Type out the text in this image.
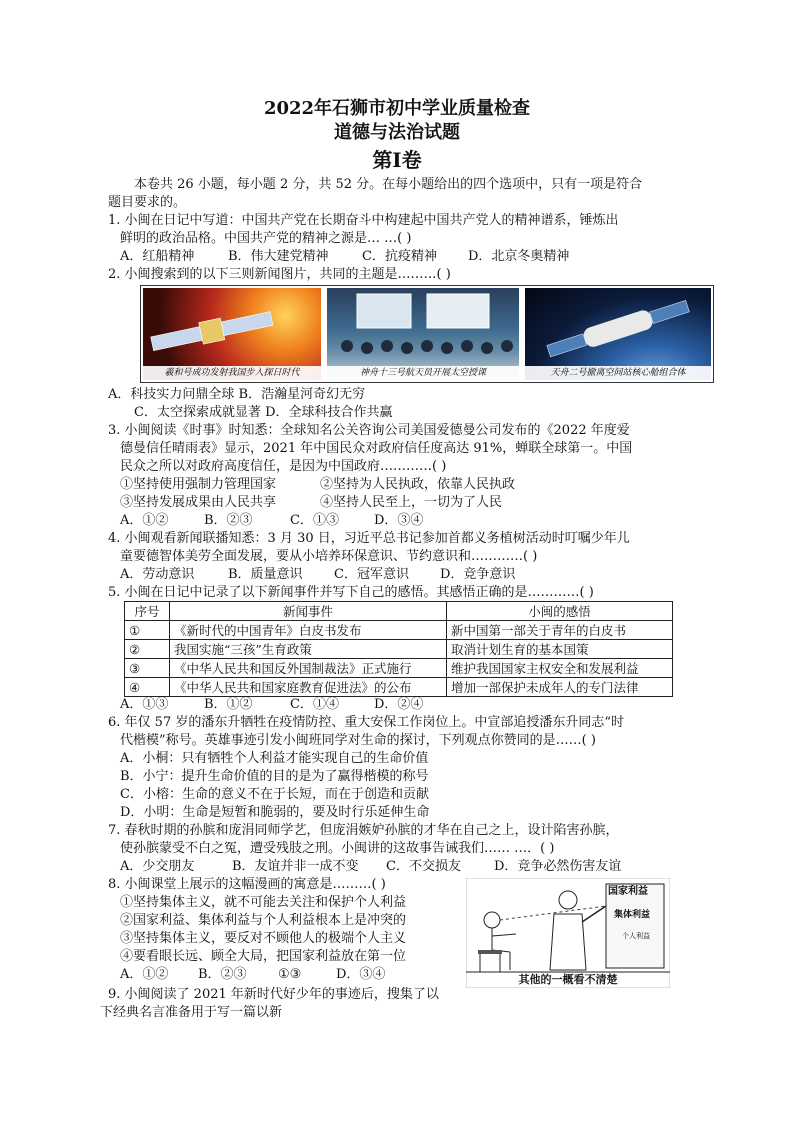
2022年石狮市初中学业质量检查
道德与法治试题
第Ⅰ卷
本卷共 26 小题，每小题 2 分，共 52 分。在每小题给出的四个选项中，只有一项是符合
题目要求的。
1. 小闽在日记中写道：中国共产党在长期奋斗中构建起中国共产党人的精神谱系，锤炼出
鲜明的政治品格。中国共产党的精神之源是… …( )
A．红船精神	B．伟大建党精神	C．抗疫精神 D．北京冬奥精神
2. 小闽搜索到的以下三则新闻图片，共同的主题是………( )
羲和号成功发射我国步入探日时代	神舟十三号航天员开展太空授课	天舟二号撤离空间站核心舱组合体
A．科技实力问鼎全球 B．浩瀚星河奇幻无穷
C．太空探索成就显著 D．全球科技合作共赢
3. 小闽阅读《时事》时知悉：全球知名公关咨询公司美国爱德曼公司发布的《2022 年度爱
德曼信任晴雨表》显示，2021 年中国民众对政府信任度高达 91%，蝉联全球第一。中国
民众之所以对政府高度信任，是因为中国政府…………( )
①坚持使用强制力管理国家	②坚持为人民执政，依靠人民执政
③坚持发展成果由人民共享	④坚持人民至上，一切为了人民
A．①②	B．②③	C．①③	D．③④
4. 小闽观看新闻联播知悉：3 月 30 日，习近平总书记参加首都义务植树活动时叮嘱少年儿
童要德智体美劳全面发展，要从小培养环保意识、节约意识和…………( )
A．劳动意识	B．质量意识 C．冠军意识 D．竞争意识
5. 小闽在日记中记录了以下新闻事件并写下自己的感悟。其感悟正确的是…………( )
序号	新闻事件	小闽的感悟
①	《新时代的中国青年》白皮书发布	新中国第一部关于青年的白皮书
②	我国实施“三孩”生育政策	取消计划生育的基本国策
③	《中华人民共和国反外国制裁法》正式施行	维护我国国家主权安全和发展利益
④	《中华人民共和国家庭教育促进法》的公布	增加一部保护未成年人的专门法律
A．①③	B．①②	C．①④	D．②④
6. 年仅 57 岁的潘东升牺牲在疫情防控、重大安保工作岗位上。中宣部追授潘东升同志“时
代楷模”称号。英雄事迹引发小闽班同学对生命的探讨，下列观点你赞同的是……( )
A．小桐：只有牺牲个人利益才能实现自己的生命价值
B．小宁：提升生命价值的目的是为了赢得楷模的称号
C．小榕：生命的意义不在于长短，而在于创造和贡献
D．小明：生命是短暂和脆弱的，要及时行乐延伸生命
7. 春秋时期的孙膑和庞涓同师学艺，但庞涓嫉妒孙膑的才华在自己之上，设计陷害孙膑，
使孙膑蒙受不白之冤，遭受残肢之刑。小闽讲的这故事告诫我们…… …．( )
A．少交朋友	B．友谊并非一成不变 C．不交损友	D．竞争必然伤害友谊
8. 小闽课堂上展示的这幅漫画的寓意是………( )
①坚持集体主义，就不可能去关注和保护个人利益
②国家利益、集体利益与个人利益根本上是冲突的
③坚持集体主义，要反对不顾他人的极端个人主义
④要看眼长远、顾全大局，把国家利益放在第一位
A．①② B．②③ ①③	D．③④
国家利益
集体利益
个人利益
其他的一概看不清楚
9. 小闽阅读了 2021 年新时代好少年的事迹后，搜集了以
下经典名言准备用于写一篇以新
